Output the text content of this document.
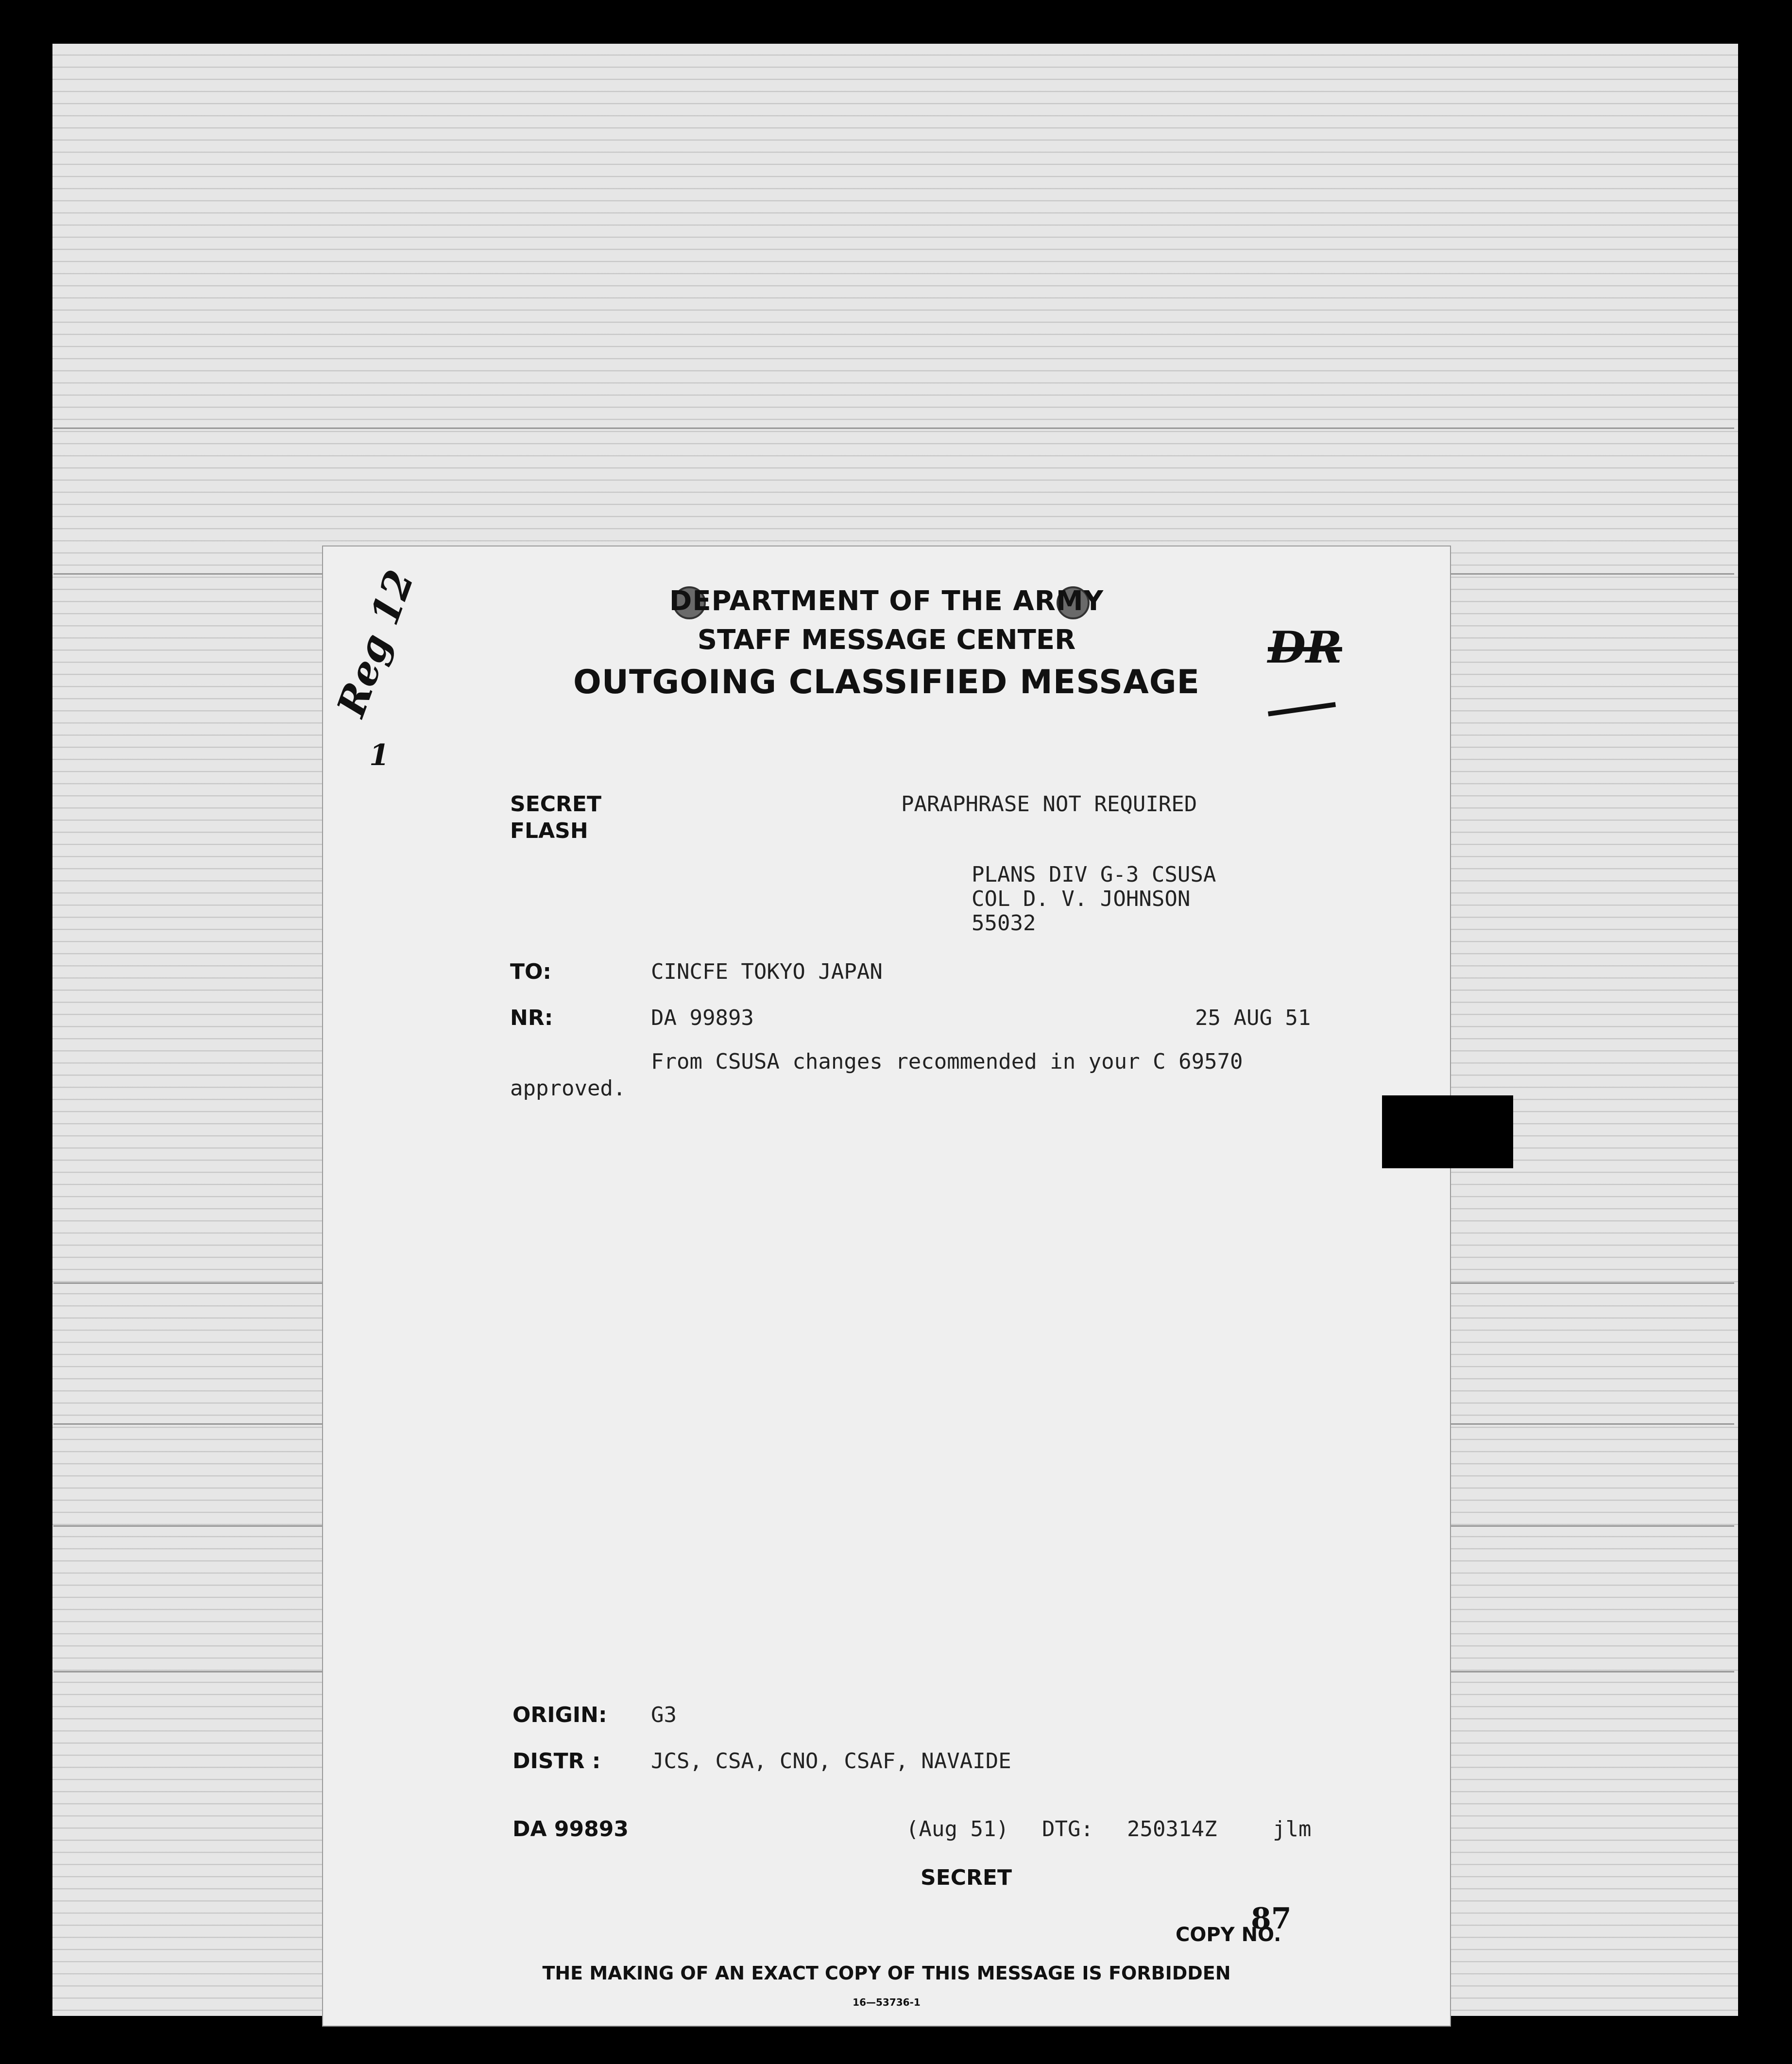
DEPARTMENT OF THE ARMY
STAFF MESSAGE CENTER
OUTGOING CLASSIFIED MESSAGE
Reg 12
1
DR
SECRET
FLASH
PARAPHRASE NOT REQUIRED
PLANS DIV G-3 CSUSA
COL D. V. JOHNSON
55032
TO:	CINCFE TOKYO JAPAN
NR:	DA 99893	25 AUG 51
From CSUSA changes recommended in your C 69570
approved.
ORIGIN: G3
DISTR : JCS, CSA, CNO, CSAF, NAVAIDE
DA 99893	(Aug 51) DTG: 250314Z	jlm
SECRET
COPY NO.
87
THE MAKING OF AN EXACT COPY OF THIS MESSAGE IS FORBIDDEN
16—53736-1
